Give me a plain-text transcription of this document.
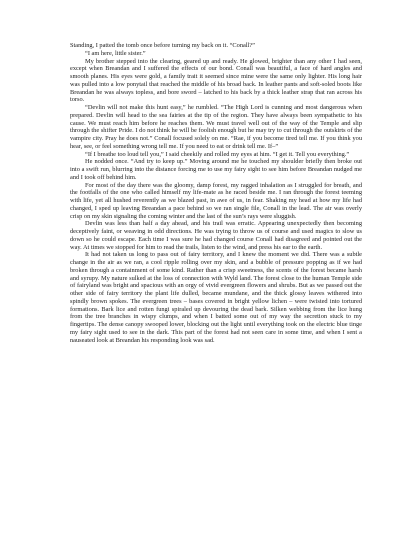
Standing, I patted the tomb once before turning my back on it. “Conall?”

“I am here, little sister.”

My brother stepped into the clearing, geared up and ready. He glowed, brighter than any other I had seen, except when Breandan and I suffered the effects of our bond. Conall was beautiful, a face of hard angles and smooth planes. His eyes were gold, a family trait it seemed since mine were the same only lighter. His long hair was pulled into a low ponytail that reached the middle of his broad back. In leather pants and soft-soled boots like Breandan he was always topless, and bore sword – latched to his back by a thick leather strap that ran across his torso.

“Devlin will not make this hunt easy,” he rumbled. “The High Lord is cunning and most dangerous when prepared. Devlin will head to the sea fairies at the tip of the region. They have always been sympathetic to his cause. We must reach him before he reaches them. We must travel well out of the way of the Temple and slip through the shifter Pride. I do not think he will be foolish enough but he may try to cut through the outskirts of the vampire city. Pray he does not.” Conall focused solely on me. “Rae, if you become tired tell me. If you think you hear, see, or feel something wrong tell me. If you need to eat or drink tell me. If–”

“If I breathe too loud tell you,” I said cheekily and rolled my eyes at him. “I get it. Tell you everything.”

He nodded once. “And try to keep up.” Moving around me he touched my shoulder briefly then broke out into a swift run, blurring into the distance forcing me to use my fairy sight to see him before Breandan nudged me and I took off behind him.

For most of the day there was the gloomy, damp forest, my ragged inhalation as I struggled for breath, and the footfalls of the one who called himself my life-mate as he raced beside me. I ran through the forest teeming with life, yet all hushed reverently as we blazed past, in awe of us, in fear. Shaking my head at how my life had changed, I sped up leaving Breandan a pace behind so we ran single file, Conall in the lead. The air was overly crisp on my skin signaling the coming winter and the last of the sun’s rays were sluggish.

Devlin was less than half a day ahead, and his trail was erratic. Appearing unexpectedly then becoming deceptively faint, or weaving in odd directions. He was trying to throw us of course and used magics to slow us down so he could escape. Each time I was sure he had changed course Conall had disagreed and pointed out the way. At times we stopped for him to read the trails, listen to the wind, and press his ear to the earth.

It had not taken us long to pass out of fairy territory, and I knew the moment we did. There was a subtle change in the air as we ran, a cool ripple rolling over my skin, and a bubble of pressure popping as if we had broken through a containment of some kind. Rather than a crisp sweetness, the scents of the forest became harsh and syrupy. My nature sulked at the loss of connection with Wyld land. The forest close to the human Temple side of fairyland was bright and spacious with an orgy of vivid evergreen flowers and shrubs. But as we passed out the other side of fairy territory the plant life dulled, became mundane, and the thick glossy leaves withered into spindly brown spokes. The evergreen trees – bases covered in bright yellow lichen – were twisted into tortured formations. Bark lice and rotten fungi spiraled up devouring the dead bark. Silken webbing from the lice hung from the tree branches in wispy clumps, and when I batted some out of my way the secretion stuck to my fingertips. The dense canopy swooped lower, blocking out the light until everything took on the electric blue tinge my fairy sight used to see in the dark. This part of the forest had not seen care in some time, and when I sent a nauseated look at Breandan his responding look was sad.
